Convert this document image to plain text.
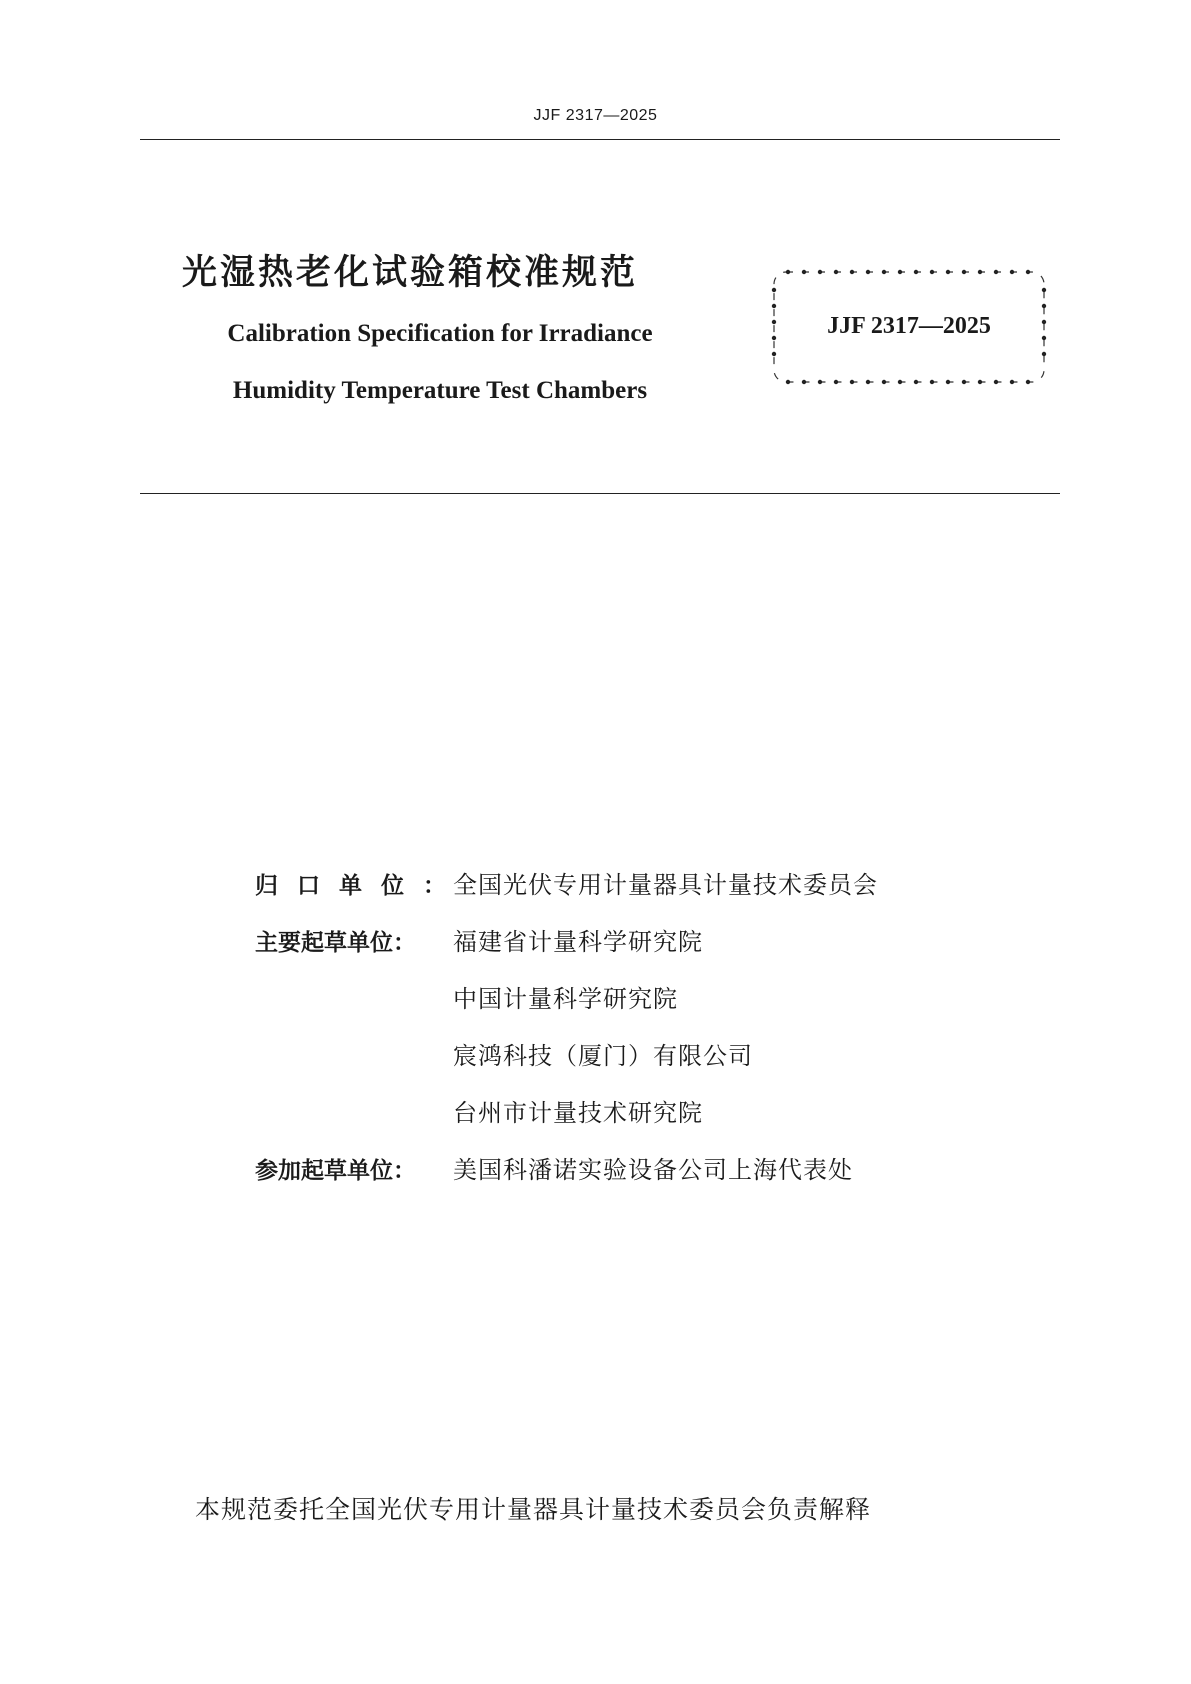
JJF 2317—2025
光湿热老化试验箱校准规范
Calibration Specification for Irradiance
Humidity Temperature Test Chambers
JJF 2317—2025
归口单位：
全国光伏专用计量器具计量技术委员会
主要起草单位：	福建省计量科学研究院
中国计量科学研究院
宸鸿科技（厦门）有限公司
台州市计量技术研究院
参加起草单位：	美国科潘诺实验设备公司上海代表处
本规范委托全国光伏专用计量器具计量技术委员会负责解释
